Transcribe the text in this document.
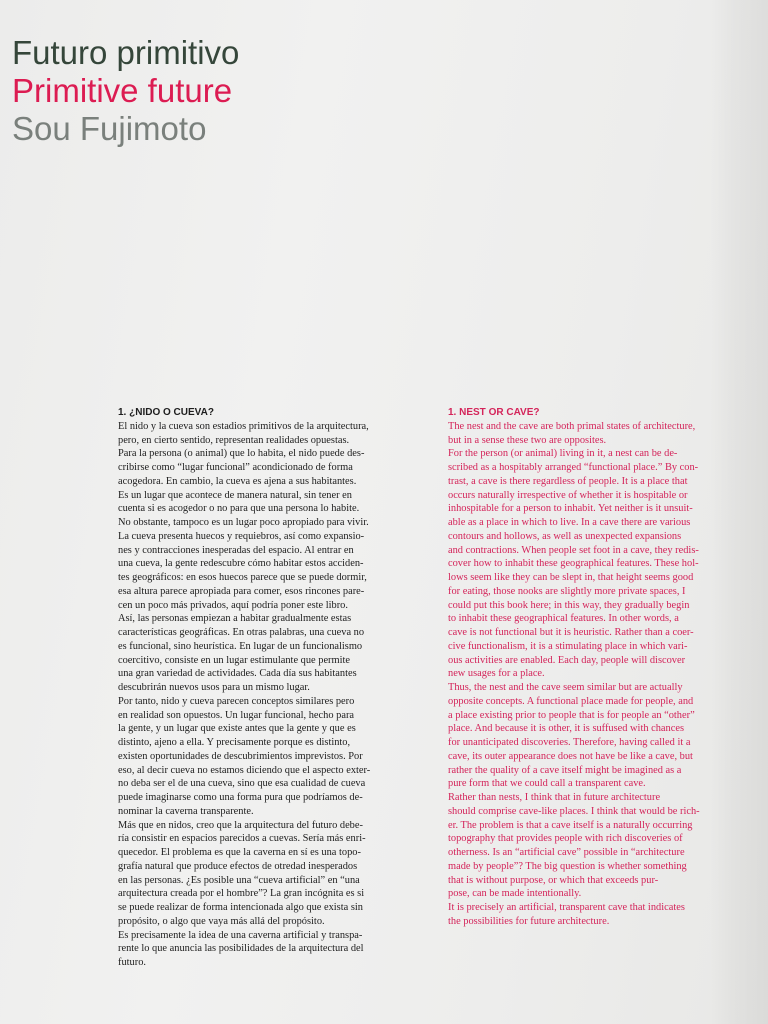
Futuro primitivo
Primitive future
Sou Fujimoto
1. ¿NIDO O CUEVA?
El nido y la cueva son estadios primitivos de la arquitectura,
pero, en cierto sentido, representan realidades opuestas.
Para la persona (o animal) que lo habita, el nido puede des-
cribirse como “lugar funcional” acondicionado de forma
acogedora. En cambio, la cueva es ajena a sus habitantes.
Es un lugar que acontece de manera natural, sin tener en
cuenta si es acogedor o no para que una persona lo habite.
No obstante, tampoco es un lugar poco apropiado para vivir.
La cueva presenta huecos y requiebros, así como expansio-
nes y contracciones inesperadas del espacio. Al entrar en
una cueva, la gente redescubre cómo habitar estos acciden-
tes geográficos: en esos huecos parece que se puede dormir,
esa altura parece apropiada para comer, esos rincones pare-
cen un poco más privados, aquí podría poner este libro.
Así, las personas empiezan a habitar gradualmente estas
características geográficas. En otras palabras, una cueva no
es funcional, sino heurística. En lugar de un funcionalismo
coercitivo, consiste en un lugar estimulante que permite
una gran variedad de actividades. Cada día sus habitantes
descubrirán nuevos usos para un mismo lugar.
Por tanto, nido y cueva parecen conceptos similares pero
en realidad son opuestos. Un lugar funcional, hecho para
la gente, y un lugar que existe antes que la gente y que es
distinto, ajeno a ella. Y precisamente porque es distinto,
existen oportunidades de descubrimientos imprevistos. Por
eso, al decir cueva no estamos diciendo que el aspecto exter-
no deba ser el de una cueva, sino que esa cualidad de cueva
puede imaginarse como una forma pura que podríamos de-
nominar la caverna transparente.
Más que en nidos, creo que la arquitectura del futuro debe-
ría consistir en espacios parecidos a cuevas. Sería más enri-
quecedor. El problema es que la caverna en sí es una topo-
grafía natural que produce efectos de otredad inesperados
en las personas. ¿Es posible una “cueva artificial” en “una
arquitectura creada por el hombre”? La gran incógnita es si
se puede realizar de forma intencionada algo que exista sin
propósito, o algo que vaya más allá del propósito.
Es precisamente la idea de una caverna artificial y transpa-
rente lo que anuncia las posibilidades de la arquitectura del
futuro.
1. NEST OR CAVE?
The nest and the cave are both primal states of architecture,
but in a sense these two are opposites.
For the person (or animal) living in it, a nest can be de-
scribed as a hospitably arranged “functional place.” By con-
trast, a cave is there regardless of people. It is a place that
occurs naturally irrespective of whether it is hospitable or
inhospitable for a person to inhabit. Yet neither is it unsuit-
able as a place in which to live. In a cave there are various
contours and hollows, as well as unexpected expansions
and contractions. When people set foot in a cave, they redis-
cover how to inhabit these geographical features. These hol-
lows seem like they can be slept in, that height seems good
for eating, those nooks are slightly more private spaces, I
could put this book here; in this way, they gradually begin
to inhabit these geographical features. In other words, a
cave is not functional but it is heuristic. Rather than a coer-
cive functionalism, it is a stimulating place in which vari-
ous activities are enabled. Each day, people will discover
new usages for a place.
Thus, the nest and the cave seem similar but are actually
opposite concepts. A functional place made for people, and
a place existing prior to people that is for people an “other”
place. And because it is other, it is suffused with chances
for unanticipated discoveries. Therefore, having called it a
cave, its outer appearance does not have be like a cave, but
rather the quality of a cave itself might be imagined as a
pure form that we could call a transparent cave.
Rather than nests, I think that in future architecture
should comprise cave-like places. I think that would be rich-
er. The problem is that a cave itself is a naturally occurring
topography that provides people with rich discoveries of
otherness. Is an “artificial cave” possible in “architecture
made by people”? The big question is whether something
that is without purpose, or which that exceeds pur-
pose, can be made intentionally.
It is precisely an artificial, transparent cave that indicates
the possibilities for future architecture.
